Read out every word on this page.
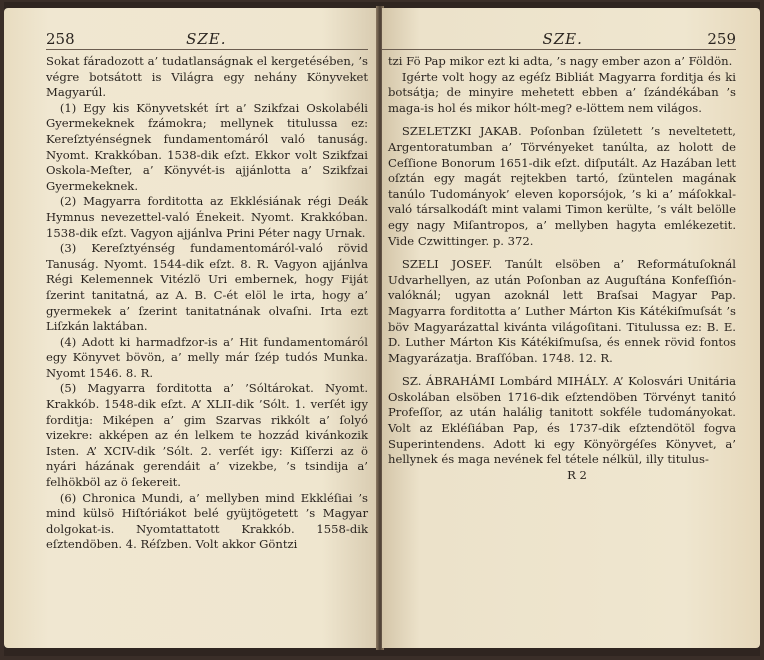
258	SZE.

Sokat fáradozott a’ tudatlanságnak el kergetésében, ’s végre botsátott is Világra egy nehány Könyveket Magyarúl.

(1) Egy kis Könyvetskét írt a’ Szikfzai Oskolabéli Gyermekeknek fzámokra; mellynek titulussa ez: Kereſztyénségnek fundamentomáról való tanuság. Nyomt. Krakkóban. 1538-dik eſzt. Ekkor volt Szikfzai Oskola-Meſter, a’ Könyvét-is ajjánlotta a’ Szikfzai Gyermekeknek.

(2) Magyarra forditotta az Ekklésiának régi Deák Hymnus nevezettel-való Énekeit. Nyomt. Krakkóban. 1538-dik eſzt. Vagyon ajjánlva Prini Péter nagy Urnak.

(3) Kereſztyénség fundamentomáról-való rövid Tanuság. Nyomt. 1544-dik eſzt. 8. R. Vagyon ajjánlva Régi Kelemennek Vitézlö Uri embernek, hogy Fiját ſzerint tanitatná, az A. B. C-ét elöl le irta, hogy a’ gyermekek a’ ſzerint tanitatnának olvaſni. Irta ezt Liſzkán laktában.

(4) Adott ki harmadfzor-is a’ Hit fundamentomáról egy Könyvet bövön, a’ melly már ſzép tudós Munka. Nyomt 1546. 8. R.

(5) Magyarra forditotta a’ ’Sóltárokat. Nyomt. Krakkób. 1548-dik eſzt. A’ XLII-dik ’Sólt. 1. verſét igy forditja: Miképen a’ gim Szarvas rikkólt a’ ſolyó vizekre: akképen az én lelkem te hozzád kivánkozik Isten. A’ XCIV-dik ’Sólt. 2. verſét igy: Kiſſerzi az ö nyári házának gerendáit a’ vizekbe, ’s tsindija a’ felhökböl az ö ſekereit.

(6) Chronica Mundi, a’ mellyben mind Ekkléſiai ’s mind külsö Hiſtóriákot belé gyüjtögetett ’s Magyar dolgokat-is. Nyomtattatott Krakkób. 1558-dik eſztendöben. 4. Réſzben. Volt akkor Göntzi

SZE.	259

tzi Fö Pap mikor ezt ki adta, ’s nagy ember azon a’ Földön.

Igérte volt hogy az egéſz Bibliát Magyarra forditja és ki botsátja; de minyire mehetett ebben a’ ſzándékában ’s maga-is hol és mikor hólt-meg? e-löttem nem világos.

SZELETZKI JAKAB. Poſonban ſzületett ’s neveltetett, Argentoratumban a’ Törvényeket tanúlta, az holott de Ceſſione Bonorum 1651-dik eſzt. diſputált. Az Hazában lett oſztán egy magát rejtekben tartó, ſzüntelen magának tanúlo Tudományok’ eleven koporsójok, ’s ki a’ máſokkal-való társalkodáſt mint valami Timon kerülte, ’s vált belölle egy nagy Miſantropos, a’ mellyben hagyta emlékezetit. Vide Czwittinger. p. 372.

SZELI JOSEF. Tanúlt elsöben a’ Reformátuſoknál Udvarhellyen, az után Poſonban az Auguſtána Konfeſſión-valóknál; ugyan azoknál lett Braſsai Magyar Pap. Magyarra forditotta a’ Luther Márton Kis Kátékiſmuſsát ’s böv Magyarázattal kivánta világoſitani. Titulussa ez: B. E. D. Luther Márton Kis Kátékiſmuſsa, és ennek rövid fontos Magyarázatja. Braſſóban. 1748. 12. R.

SZ. ÁBRAHÁMI Lombárd MIHÁLY. A’ Kolosvári Unitária Oskolában elsöben 1716-dik eſztendöben Törvényt tanitó Profeſſor, az után halálig tanitott sokféle tudományokat. Volt az Ekléſiában Pap, és 1737-dik eſztendötöl fogva Superintendens. Adott ki egy Könyörgéſes Könyvet, a’ hellynek és maga nevének fel tétele nélkül, illy titulus-

R 2
